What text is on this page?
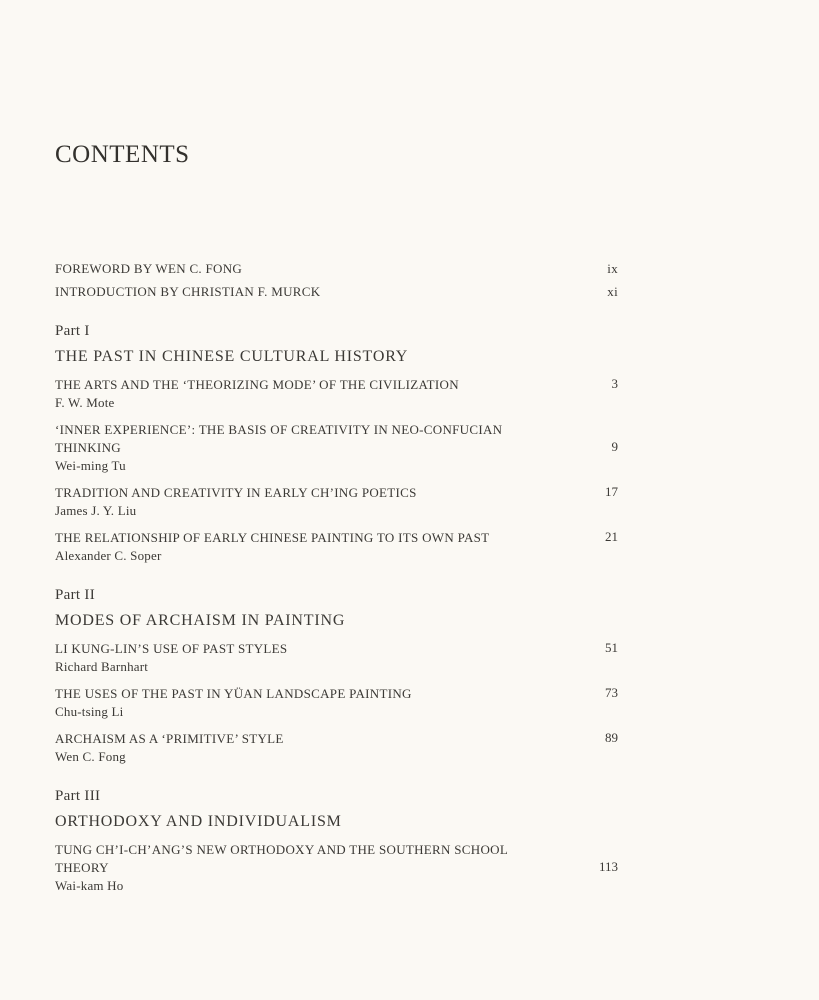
CONTENTS
FOREWORD BY WEN C. FONG	ix
INTRODUCTION BY CHRISTIAN F. MURCK	xi
Part I
THE PAST IN CHINESE CULTURAL HISTORY
THE ARTS AND THE ‘THEORIZING MODE’ OF THE CIVILIZATION
F. W. Mote
3
‘INNER EXPERIENCE’: THE BASIS OF CREATIVITY IN NEO-CONFUCIAN
THINKING
Wei-ming Tu
9
TRADITION AND CREATIVITY IN EARLY CH’ING POETICS
James J. Y. Liu
17
THE RELATIONSHIP OF EARLY CHINESE PAINTING TO ITS OWN PAST
Alexander C. Soper
21
Part II
MODES OF ARCHAISM IN PAINTING
LI KUNG-LIN’S USE OF PAST STYLES
Richard Barnhart
51
THE USES OF THE PAST IN YÜAN LANDSCAPE PAINTING
Chu-tsing Li
73
ARCHAISM AS A ‘PRIMITIVE’ STYLE
Wen C. Fong
89
Part III
ORTHODOXY AND INDIVIDUALISM
TUNG CH’I-CH’ANG’S NEW ORTHODOXY AND THE SOUTHERN SCHOOL
THEORY
Wai-kam Ho
113
